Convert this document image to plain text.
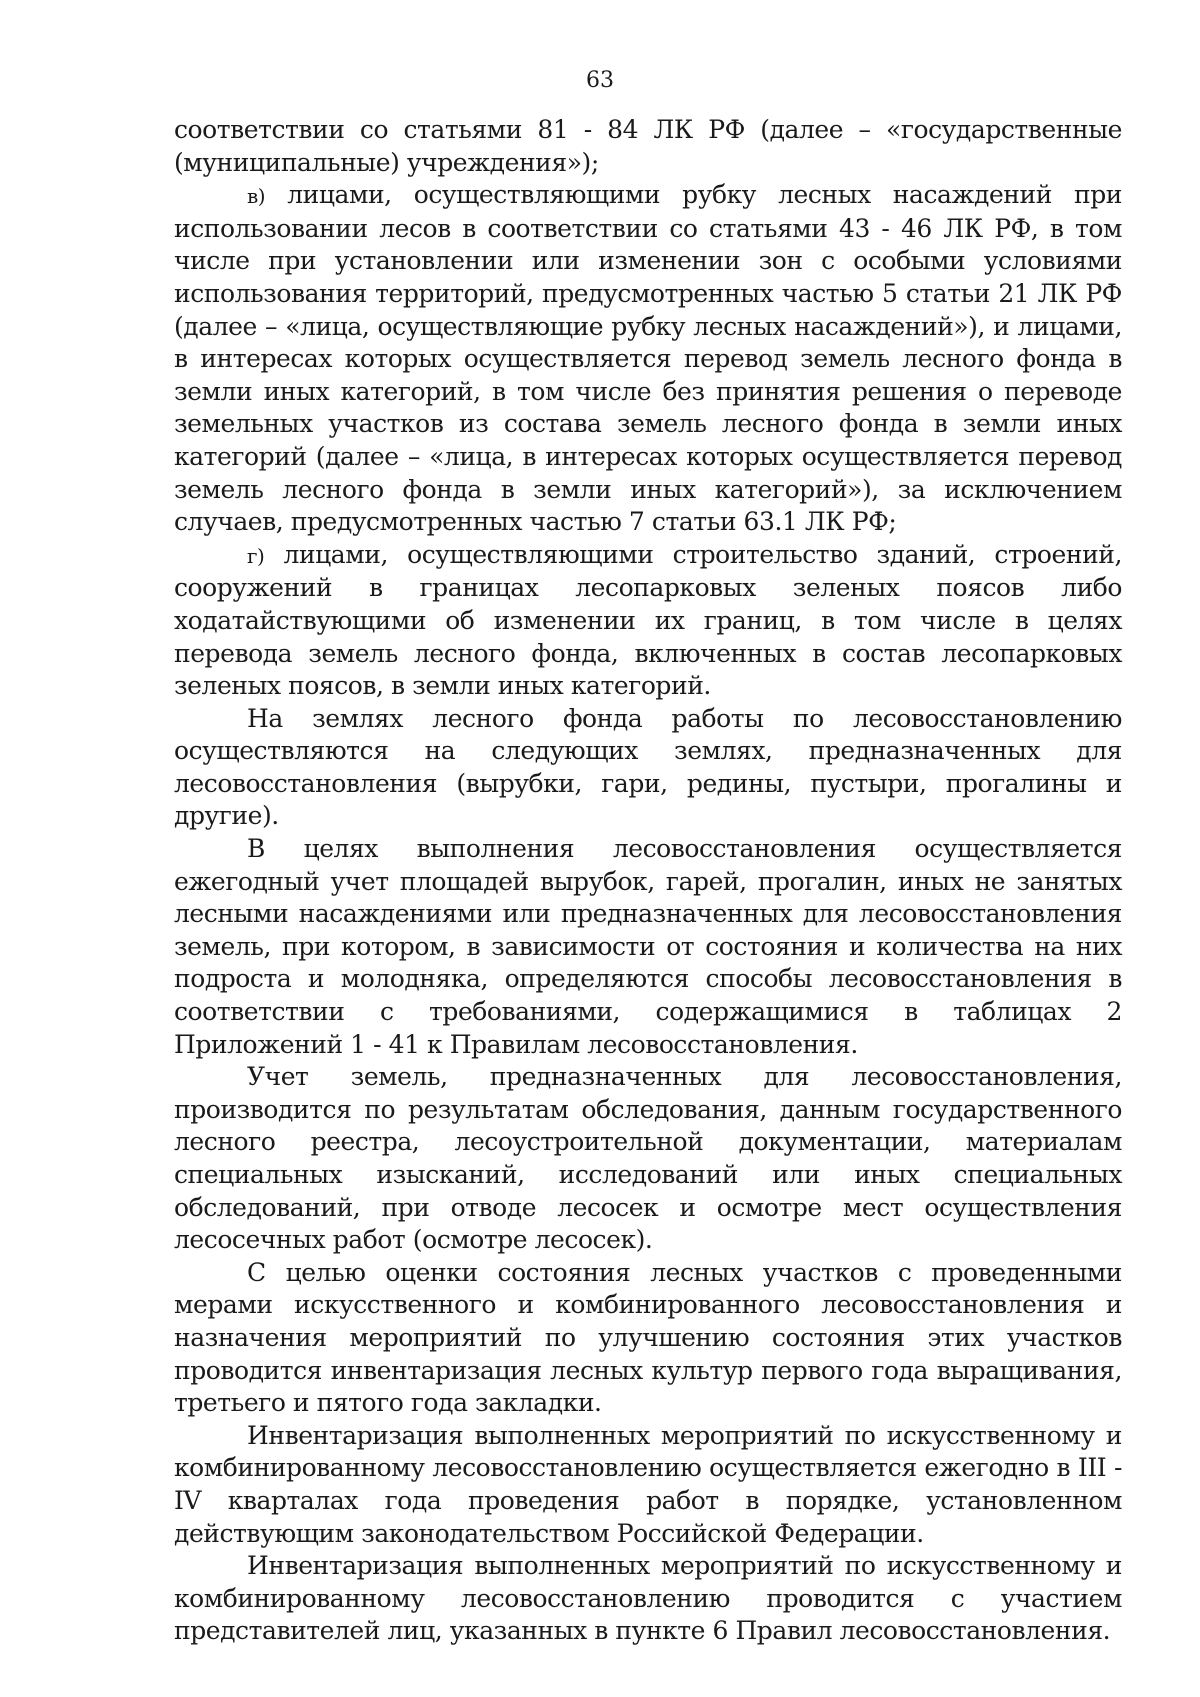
63

соответствии со статьями 81 - 84 ЛК РФ (далее – «государственные (муниципальные) учреждения»);

в) лицами, осуществляющими рубку лесных насаждений при использовании лесов в соответствии со статьями 43 - 46 ЛК РФ, в том числе при установлении или изменении зон с особыми условиями использования территорий, предусмотренных частью 5 статьи 21 ЛК РФ (далее – «лица, осуществляющие рубку лесных насаждений»), и лицами, в интересах которых осуществляется перевод земель лесного фонда в земли иных категорий, в том числе без принятия решения о переводе земельных участков из состава земель лесного фонда в земли иных категорий (далее – «лица, в интересах которых осуществляется перевод земель лесного фонда в земли иных категорий»), за исключением случаев, предусмотренных частью 7 статьи 63.1 ЛК РФ;

г) лицами, осуществляющими строительство зданий, строений, сооружений в границах лесопарковых зеленых поясов либо ходатайствующими об изменении их границ, в том числе в целях перевода земель лесного фонда, включенных в состав лесопарковых зеленых поясов, в земли иных категорий.

На землях лесного фонда работы по лесовосстановлению осуществляются на следующих землях, предназначенных для лесовосстановления (вырубки, гари, редины, пустыри, прогалины и другие).

В целях выполнения лесовосстановления осуществляется ежегодный учет площадей вырубок, гарей, прогалин, иных не занятых лесными насаждениями или предназначенных для лесовосстановления земель, при котором, в зависимости от состояния и количества на них подроста и молодняка, определяются способы лесовосстановления в соответствии с требованиями, содержащимися в таблицах 2 Приложений 1 - 41 к Правилам лесовосстановления.

Учет земель, предназначенных для лесовосстановления, производится по результатам обследования, данным государственного лесного реестра, лесоустроительной документации, материалам специальных изысканий, исследований или иных специальных обследований, при отводе лесосек и осмотре мест осуществления лесосечных работ (осмотре лесосек).

С целью оценки состояния лесных участков с проведенными мерами искусственного и комбинированного лесовосстановления и назначения мероприятий по улучшению состояния этих участков проводится инвентаризация лесных культур первого года выращивания, третьего и пятого года закладки.

Инвентаризация выполненных мероприятий по искусственному и комбинированному лесовосстановлению осуществляется ежегодно в III - IV кварталах года проведения работ в порядке, установленном действующим законодательством Российской Федерации.

Инвентаризация выполненных мероприятий по искусственному и комбинированному лесовосстановлению проводится с участием представителей лиц, указанных в пункте 6 Правил лесовосстановления.
